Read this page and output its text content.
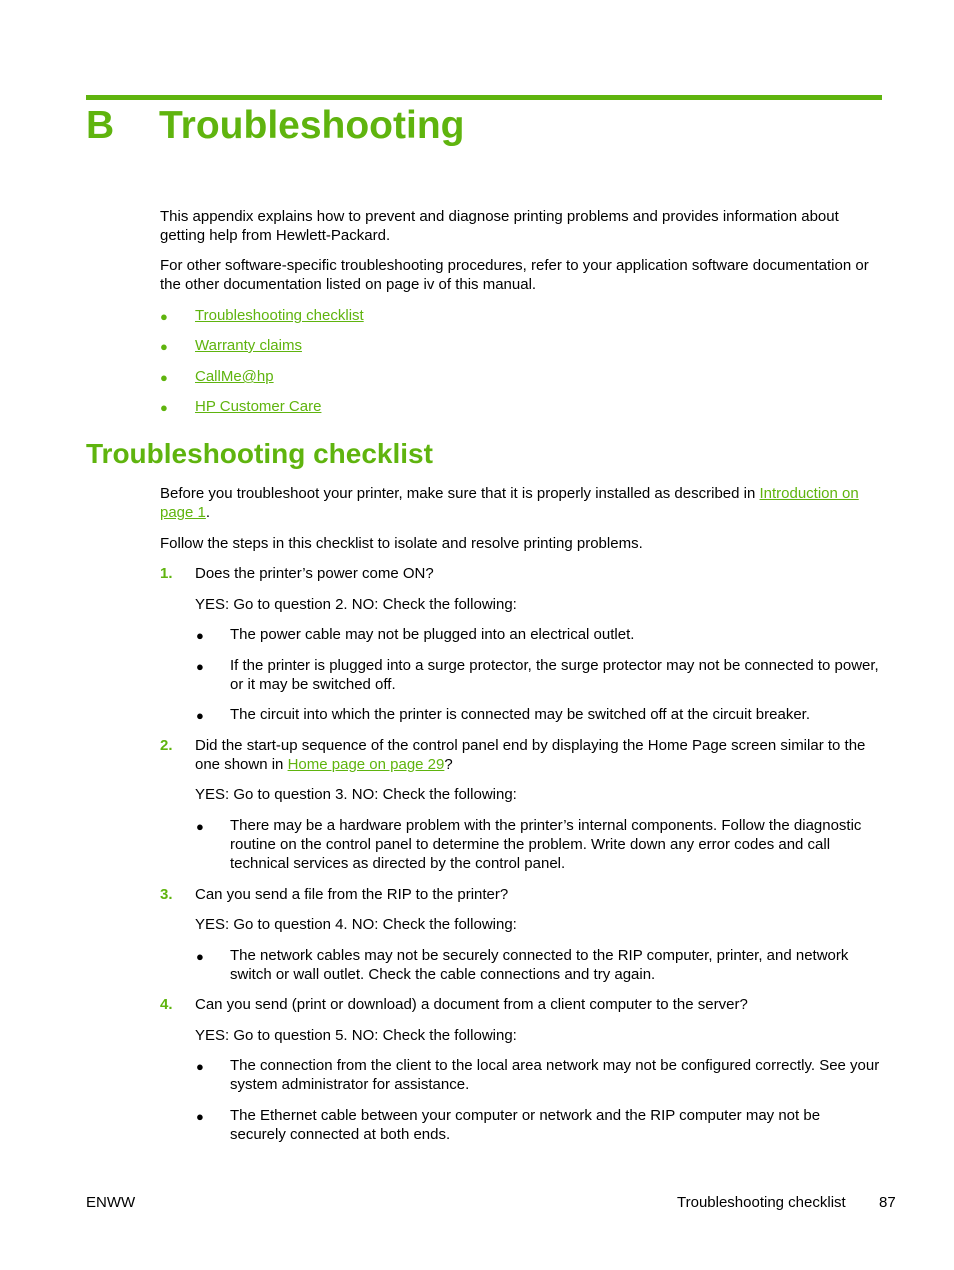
B Troubleshooting

This appendix explains how to prevent and diagnose printing problems and provides information about getting help from Hewlett-Packard.

For other software-specific troubleshooting procedures, refer to your application software documentation or the other documentation listed on page iv of this manual.

● Troubleshooting checklist
● Warranty claims
● CallMe@hp
● HP Customer Care
Troubleshooting checklist

Before you troubleshoot your printer, make sure that it is properly installed as described in Introduction on page 1.

Follow the steps in this checklist to isolate and resolve printing problems.

1. Does the printer’s power come ON?

YES: Go to question 2. NO: Check the following:

● The power cable may not be plugged into an electrical outlet.

● If the printer is plugged into a surge protector, the surge protector may not be connected to power, or it may be switched off.

● The circuit into which the printer is connected may be switched off at the circuit breaker.

2. Did the start-up sequence of the control panel end by displaying the Home Page screen similar to the one shown in Home page on page 29?

YES: Go to question 3. NO: Check the following:

● There may be a hardware problem with the printer’s internal components. Follow the diagnostic routine on the control panel to determine the problem. Write down any error codes and call technical services as directed by the control panel.

3. Can you send a file from the RIP to the printer?

YES: Go to question 4. NO: Check the following:

● The network cables may not be securely connected to the RIP computer, printer, and network switch or wall outlet. Check the cable connections and try again.

4. Can you send (print or download) a document from a client computer to the server?

YES: Go to question 5. NO: Check the following:

● The connection from the client to the local area network may not be configured correctly. See your system administrator for assistance.

● The Ethernet cable between your computer or network and the RIP computer may not be securely connected at both ends.

ENWW	Troubleshooting checklist 87
